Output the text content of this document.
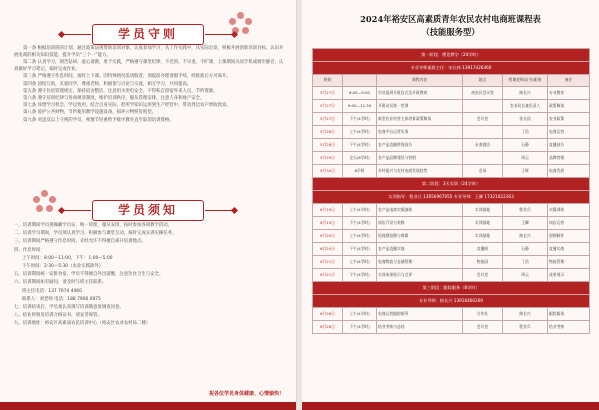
学员守则

第一条 根据培训班的计划、通过政策法规帮助培训对象，认真参加学习，从工作实践中，从实际出发，积极开展创新培训目标、认识开展电商的相关知识技能，提升学员“三个一”能力。

第二条 认真学习，刻苦钻研，虚心请教，勇于实践，严格遵守课堂纪律，不迟到、不早退、不旷课，上课期间关闭手机或调至静音，认真做好学习笔记，按时完成作业。

第三条 严格遵守作息时间，按时上下课。因特殊情况需请假者，须提前办理请假手续，经批准后方可离开。

第四条 团结互助，友爱同学，尊重老师，积极参与讨论与交流，相互学习，共同提高。

第五条 遵守住宿管理规定，保持宿舍整洁，注意用水用电安全，不得私自留宿外来人员，节约资源。

第六条 遵守培训纪律与各项规章制度，维护培训秩序，服从管理安排，注意人身和财产安全。

第七条 珍惜学习机会，学以致用，结合自身实际，把所学知识运用到生产经营中，带动周边农户增收致富。

第八条 爱护公共财物，节约使用教学设施设备，损坏公物照价赔偿。

第九条 对违反以上守则的学员，视情节轻重给予批评教育直至取消培训资格。

学员须知
一、培训期间学员须佩戴学员证，统一管理，服从安排，按时参加各项教学活动。
二、培训学习期间，学员须认真学习，积极参与课堂互动，按时完成实训实操任务。
三、培训期间严格遵守作息时间，未经允许不得擅自离开培训地点。
四、作息时间：
上午时间：8:00—11:00，下午：1:00—5:00
下午时间：2:30—5:30（农业实践除外）
五、培训期间统一安排食宿，学员不得擅自外出就餐，注意饮食卫生与安全。
六、培训期间如有疑问，请及时与班主任联系。
班主任电话：137 7674 4460
联系人：刘老师 电话：188 7906 0875
七、培训结束后，学员须认真填写培训满意度调查问卷。
八、结业时颁发培训合格证书，请妥善保管。
九、培训地址：裕安区高素质农民培训中心（裕安区农业农村局二楼）
祝各位学员身体健康、心情愉快！
2024年裕安区高素质青年农民农村电商班课程表
（技能服务型）
第一阶段：理论教学（24学时）					
专业导师兼班主任：宋长林 13917426460					
时间		课程内容	地点	授课老师/证书/职务	备注
5月27日	8:00—9:00	学员报到开班仪式及开班教育	裕安区会议室	路长兴	专业教育
5月27日	9:00—11:30	开班动员第一堂课		农业局长兼负责人	政策解读
5月27日	下午(4学时)	新型农业经营主体培育政策解读	会议室	张长国	农业政策
5月28日	上午(4学时)	电商平台运营实务		丁浩	电商运营
5月28日	下午(4学时)	农产品直播带货技巧	永泰酒店	石静	直播技巧
5月29日	全天(8学时)	农产品品牌建设与营销		周云	品牌营销
5月30日	8学时	乡村振兴与农村电商发展趋势	会场	王辉	电商发展
第二阶段：3天实训（24学时）					
实训指导：程业兵 13656967055 专业导师：王卿 17321022163					
6月19日	上午(4学时)	农产品电商实操演练	实训基地	程业兵	实操训练
6月19日	下午(4学时)	网店开设与装修	实训基地	王卿	网店运营
6月20日	上午(4学时)	短视频拍摄与剪辑	实训基地	路长兴	视频制作
6月20日	下午(4学时)	农产品直播实战	直播间	石静	直播实战
6月21日	上午(4学时)	电商物流与仓储管理	物流园	丁浩	物流管理
6月21日	下午(4学时)	实训成果展示与点评	会议室	周云	成果展示
第三阶段：跟踪服务（8学时）					
专业导师：路长兴 13916460260					
6月26日	上午(4学时)	电商运营跟踪指导	合作社	路长兴	跟踪服务
6月26日	下午(4学时)	结业考核与总结	会议室	程业兵	结业考核
